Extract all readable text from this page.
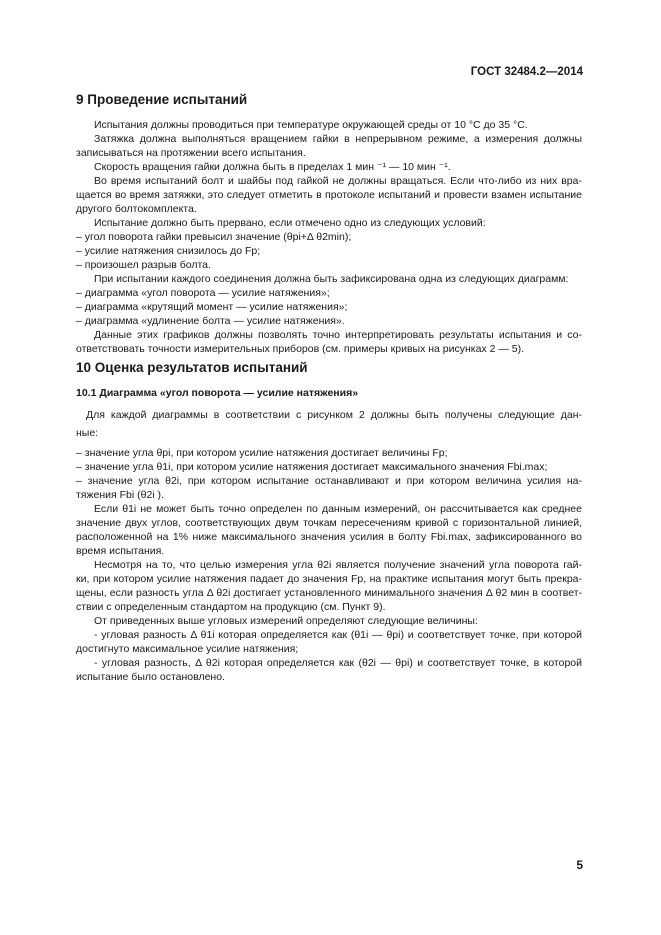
ГОСТ 32484.2—2014
9 Проведение испытаний
Испытания должны проводиться при температуре окружающей среды от 10 °С до 35 °С.
Затяжка должна выполняться вращением гайки в непрерывном режиме, а измерения должны
записываться на протяжении всего испытания.
Скорость вращения гайки должна быть в пределах 1 мин ⁻¹ — 10 мин ⁻¹.
Во время испытаний болт и шайбы под гайкой не должны вращаться. Если что-либо из них вра-
щается во время затяжки, это следует отметить в протоколе испытаний и провести взамен испытание
другого болтокомплекта.
Испытание должно быть прервано, если отмечено одно из следующих условий:
– угол поворота гайки превысил значение (θpi+Δ θ2min);
– усилие натяжения снизилось до Fp;
– произошел разрыв болта.
При испытании каждого соединения должна быть зафиксирована одна из следующих диаграмм:
– диаграмма «угол поворота — усилие натяжения»;
– диаграмма «крутящий момент — усилие натяжения»;
– диаграмма «удлинение болта — усилие натяжения».
Данные этих графиков должны позволять точно интерпретировать результаты испытания и со-
ответствовать точности измерительных приборов (см. примеры кривых на рисунках 2 — 5).
10 Оценка результатов испытаний
10.1 Диаграмма «угол поворота — усилие натяжения»
Для каждой диаграммы в соответствии с рисунком 2 должны быть получены следующие дан-
ные:
– значение угла θpi, при котором усилие натяжения достигает величины Fp;
– значение угла θ1i, при котором усилие натяжения достигает максимального значения Fbi.max;
– значение угла θ2i, при котором испытание останавливают и при котором величина усилия на-
тяжения Fbi (θ2i ).
Если θ1i не может быть точно определен по данным измерений, он рассчитывается как среднее
значение двух углов, соответствующих двум точкам пересечениям кривой с горизонтальной линией,
расположенной на 1% ниже максимального значения усилия в болту Fbi.max, зафиксированного во
время испытания.
Несмотря на то, что целью измерения угла θ2i является получение значений угла поворота гай-
ки, при котором усилие натяжения падает до значения Fp, на практике испытания могут быть прекра-
щены, если разность угла Δ θ2i достигает установленного минимального значения Δ θ2 мин в соответ-
ствии с определенным стандартом на продукцию (см. Пункт 9).
От приведенных выше угловых измерений определяют следующие величины:
- угловая разность Δ θ1i которая определяется как (θ1i — θpi) и соответствует точке, при которой
достигнуто максимальное усилие натяжения;
- угловая разность, Δ θ2i которая определяется как (θ2i — θpi) и соответствует точке, в которой
испытание было остановлено.
5
